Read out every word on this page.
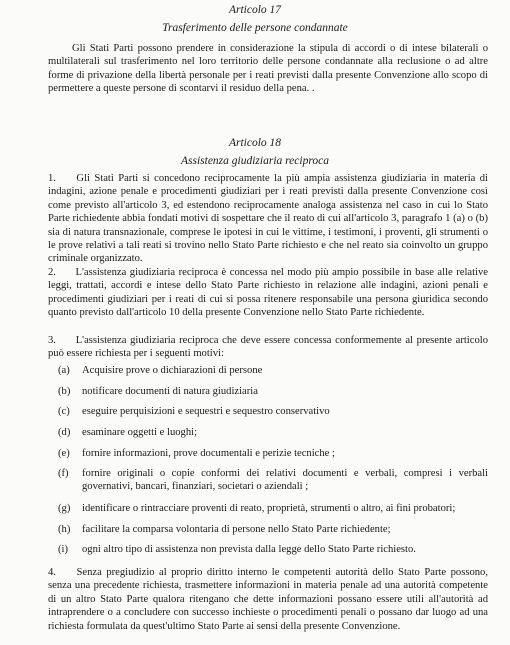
Articolo 17
Trasferimento delle persone condannate

Gli Stati Parti possono prendere in considerazione la stipula di accordi o di intese bilaterali o multilaterali sul trasferimento nel loro territorio delle persone condannate alla reclusione o ad altre forme di privazione della libertà personale per i reati previsti dalla presente Convenzione allo scopo di permettere a queste persone di scontarvi il residuo della pena. .

Articolo 18
Assistenza giudiziaria reciproca

1. Gli Stati Parti si concedono reciprocamente la più ampia assistenza giudiziaria in materia di indagini, azione penale e procedimenti giudiziari per i reati previsti dalla presente Convenzione così come previsto all'articolo 3, ed estendono reciprocamente analoga assistenza nel caso in cui lo Stato Parte richiedente abbia fondati motivi di sospettare che il reato di cui all'articolo 3, paragrafo 1 (a) o (b) sia di natura transnazionale, comprese le ipotesi in cui le vittime, i testimoni, i proventi, gli strumenti o le prove relativi a tali reati si trovino nello Stato Parte richiesto e che nel reato sia coinvolto un gruppo criminale organizzato.

2. L'assistenza giudiziaria reciproca è concessa nel modo più ampio possibile in base alle relative leggi, trattati, accordi e intese dello Stato Parte richiesto in relazione alle indagini, azioni penali e procedimenti giudiziari per i reati di cui si possa ritenere responsabile una persona giuridica secondo quanto previsto dall'articolo 10 della presente Convenzione nello Stato Parte richiedente.

3. L'assistenza giudiziaria reciproca che deve essere concessa conformemente al presente articolo può essere richiesta per i seguenti motivi:

(a)	Acquisire prove o dichiarazioni di persone
(b)	notificare documenti di natura giudiziaria
(c)	eseguire perquisizioni e sequestri e sequestro conservativo
(d)	esaminare oggetti e luoghi;
(e)	fornire informazioni, prove documentali e perizie tecniche ;
(f)	fornire originali o copie conformi dei relativi documenti e verbali, compresi i verbali governativi, bancari, finanziari, societari o aziendali ;
(g)	identificare o rintracciare proventi di reato, proprietà, strumenti o altro, ai fini probatori;
(h)	facilitare la comparsa volontaria di persone nello Stato Parte richiedente;
(i)	ogni altro tipo di assistenza non prevista dalla legge dello Stato Parte richiesto.

4. Senza pregiudizio al proprio diritto interno le competenti autorità dello Stato Parte possono, senza una precedente richiesta, trasmettere informazioni in materia penale ad una autorità competente di un altro Stato Parte qualora ritengano che dette informazioni possano essere utili all'autorità ad intraprendere o a concludere con successo inchieste o procedimenti penali o possano dar luogo ad una richiesta formulata da quest'ultimo Stato Parte ai sensi della presente Convenzione.
